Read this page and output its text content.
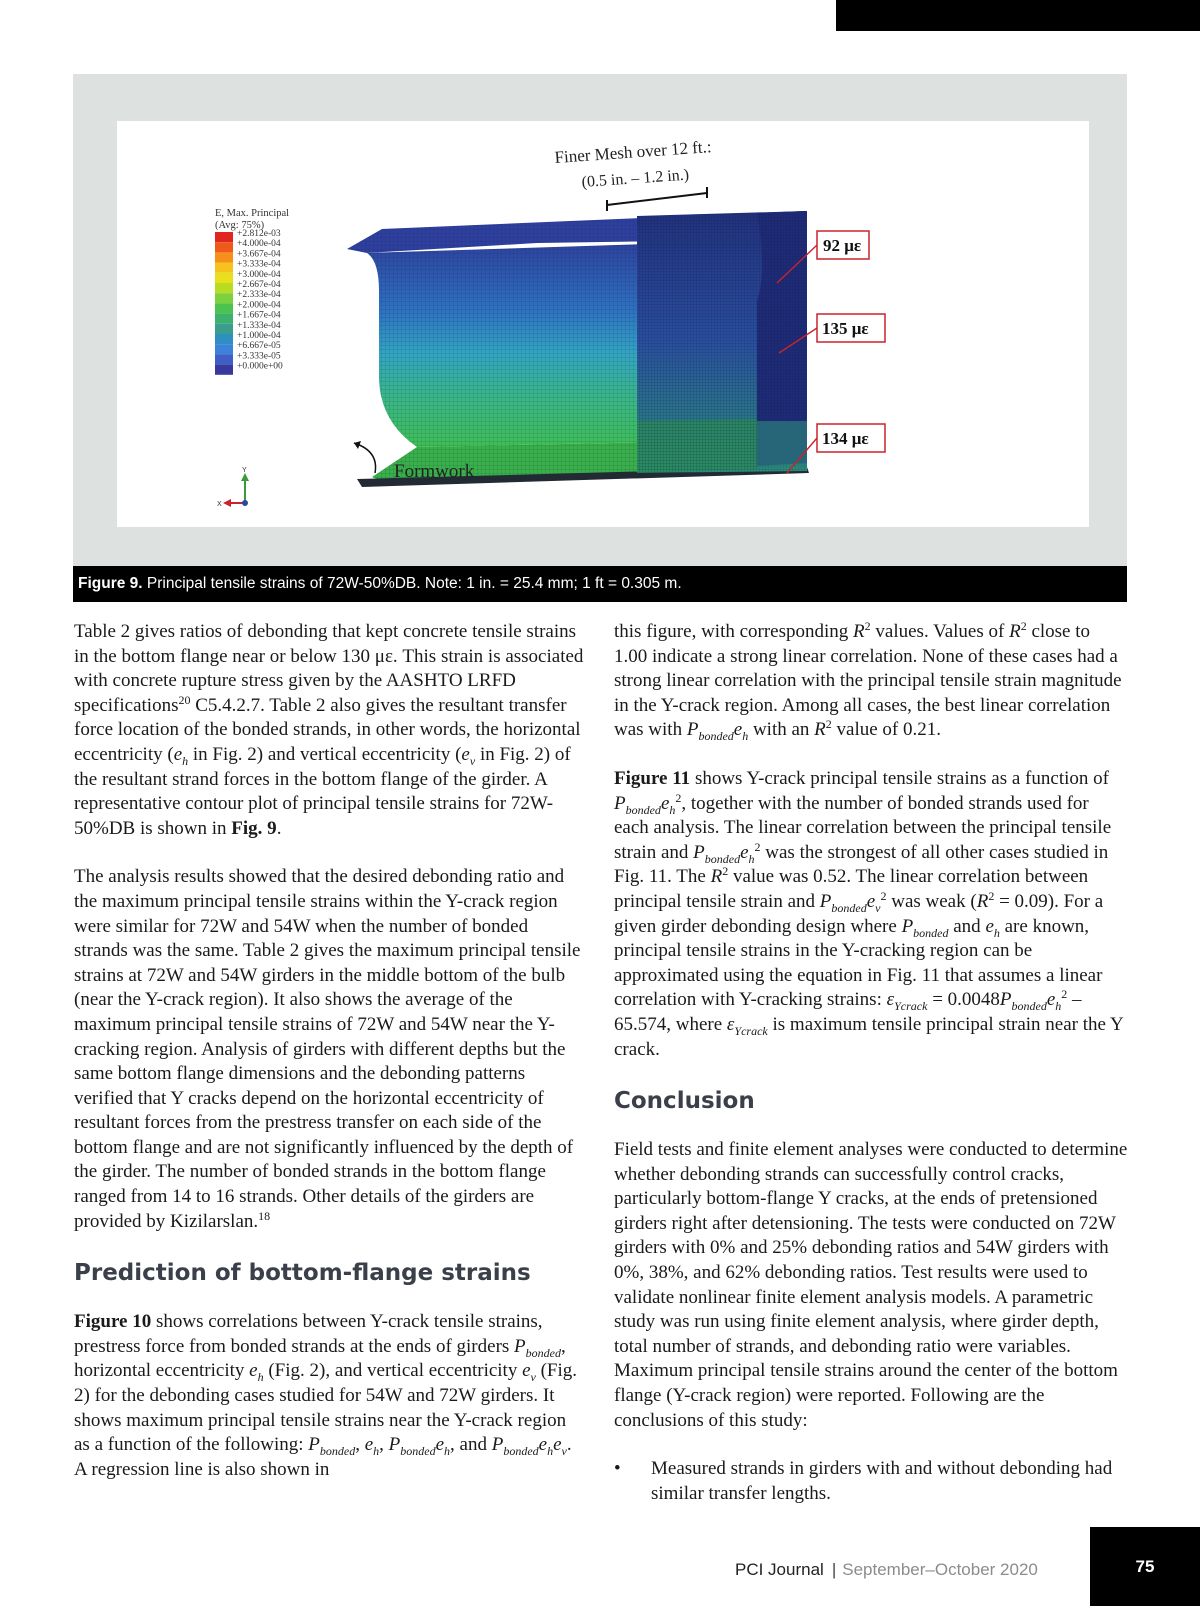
E, Max. Principal
(Avg: 75%)
+2.812e-03
+4.000e-04
+3.667e-04
+3.333e-04
+3.000e-04
+2.667e-04
+2.333e-04
+2.000e-04
+1.667e-04
+1.333e-04
+1.000e-04
+6.667e-05
+3.333e-05
+0.000e+00
Finer Mesh over 12 ft.:
(0.5 in. – 1.2 in.)
92 με
135 με
134 με
Formwork
Y
X
Figure 9. Principal tensile strains of 72W-50%DB. Note: 1 in. = 25.4 mm; 1 ft = 0.305 m.

Table 2 gives ratios of debonding that kept concrete tensile strains in the bottom flange near or below 130 με. This strain is associated with concrete rupture stress given by the AASHTO LRFD specifications$^{20}$ C5.4.2.7. Table 2 also gives the resultant transfer force location of the bonded strands, in other words, the horizontal eccentricity ($e_h$ in Fig. 2) and vertical eccentricity ($e_v$ in Fig. 2) of the resultant strand forces in the bottom flange of the girder. A representative contour plot of principal tensile strains for 72W-50%DB is shown in Fig. 9.

The analysis results showed that the desired debonding ratio and the maximum principal tensile strains within the Y-crack region were similar for 72W and 54W when the number of bonded strands was the same. Table 2 gives the maximum principal tensile strains at 72W and 54W girders in the middle bottom of the bulb (near the Y-crack region). It also shows the average of the maximum principal tensile strains of 72W and 54W near the Y-cracking region. Analysis of girders with different depths but the same bottom flange dimensions and the debonding patterns verified that Y cracks depend on the horizontal eccentricity of resultant forces from the prestress transfer on each side of the bottom flange and are not significantly influenced by the depth of the girder. The number of bonded strands in the bottom flange ranged from 14 to 16 strands. Other details of the girders are provided by Kizilarslan.$^{18}$

Prediction of bottom-flange strains

Figure 10 shows correlations between Y-crack tensile strains, prestress force from bonded strands at the ends of girders $P_{bonded}$, horizontal eccentricity $e_h$ (Fig. 2), and vertical eccentricity $e_v$ (Fig. 2) for the debonding cases studied for 54W and 72W girders. It shows maximum principal tensile strains near the Y-crack region as a function of the following: $P_{bonded}$, $e_h$, $P_{bonded}e_h$, and $P_{bonded}e_he_v$. A regression line is also shown in

this figure, with corresponding $R^2$ values. Values of $R^2$ close to 1.00 indicate a strong linear correlation. None of these cases had a strong linear correlation with the principal tensile strain magnitude in the Y-crack region. Among all cases, the best linear correlation was with $P_{bonded}e_h$ with an $R^2$ value of 0.21.

Figure 11 shows Y-crack principal tensile strains as a function of $P_{bonded}e_h^2$, together with the number of bonded strands used for each analysis. The linear correlation between the principal tensile strain and $P_{bonded}e_h^2$ was the strongest of all other cases studied in Fig. 11. The $R^2$ value was 0.52. The linear correlation between principal tensile strain and $P_{bonded}e_v^2$ was weak $(R^2 = 0.09)$. For a given girder debonding design where $P_{bonded}$ and $e_h$ are known, principal tensile strains in the Y-cracking region can be approximated using the equation in Fig. 11 that assumes a linear correlation with Y-cracking strains: $\varepsilon_{Ycrack} = 0.0048P_{bonded}e_h^2 - 65.574$, where $\varepsilon_{Ycrack}$ is maximum tensile principal strain near the Y crack.

Conclusion

Field tests and finite element analyses were conducted to determine whether debonding strands can successfully control cracks, particularly bottom-flange Y cracks, at the ends of pretensioned girders right after detensioning. The tests were conducted on 72W girders with 0% and 25% debonding ratios and 54W girders with 0%, 38%, and 62% debonding ratios. Test results were used to validate nonlinear finite element analysis models. A parametric study was run using finite element analysis, where girder depth, total number of strands, and debonding ratio were variables. Maximum principal tensile strains around the center of the bottom flange (Y-crack region) were reported. Following are the conclusions of this study:

• Measured strands in girders with and without debonding had similar transfer lengths.
PCI Journal | September–October 2020	75
